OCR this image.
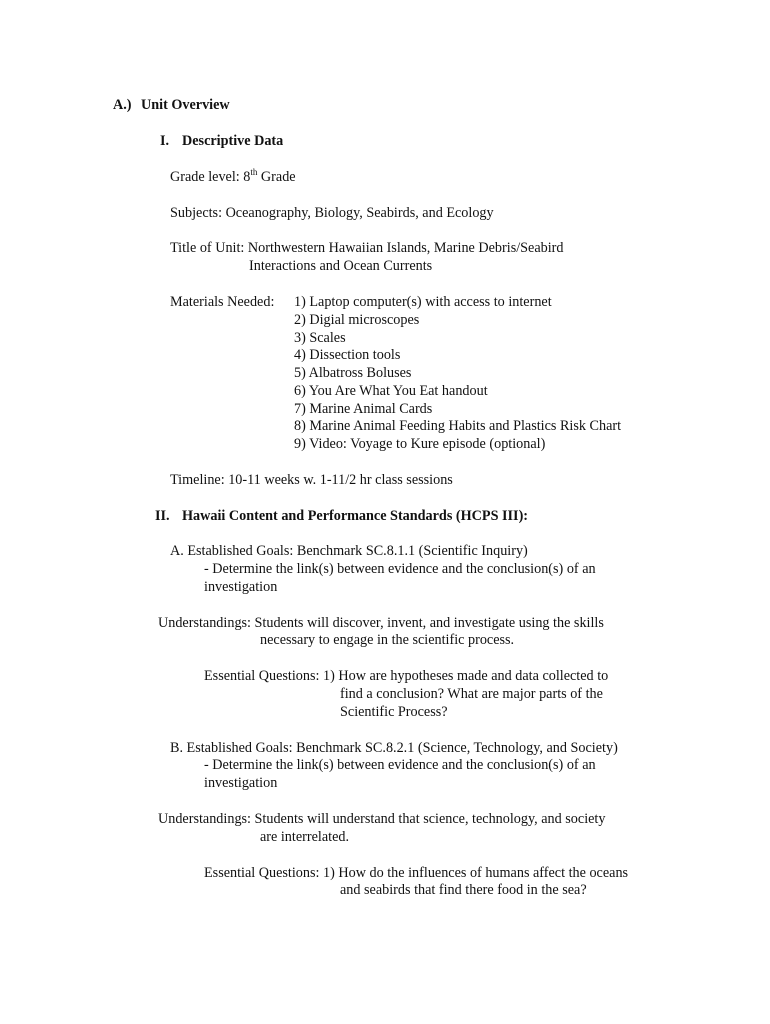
A.) Unit Overview
I. Descriptive Data
Grade level: 8th Grade
Subjects: Oceanography, Biology, Seabirds, and Ecology
Title of Unit: Northwestern Hawaiian Islands, Marine Debris/Seabird
Interactions and Ocean Currents
Materials Needed: 1) Laptop computer(s) with access to internet
2) Digial microscopes
3) Scales
4) Dissection tools
5) Albatross Boluses
6) You Are What You Eat handout
7) Marine Animal Cards
8) Marine Animal Feeding Habits and Plastics Risk Chart
9) Video: Voyage to Kure episode (optional)
Timeline: 10-11 weeks w. 1-11/2 hr class sessions
II. Hawaii Content and Performance Standards (HCPS III):
A. Established Goals: Benchmark SC.8.1.1 (Scientific Inquiry)
- Determine the link(s) between evidence and the conclusion(s) of an
investigation
Understandings: Students will discover, invent, and investigate using the skills
necessary to engage in the scientific process.
Essential Questions: 1) How are hypotheses made and data collected to
find a conclusion? What are major parts of the
Scientific Process?
B. Established Goals: Benchmark SC.8.2.1 (Science, Technology, and Society)
- Determine the link(s) between evidence and the conclusion(s) of an
investigation
Understandings: Students will understand that science, technology, and society
are interrelated.
Essential Questions: 1) How do the influences of humans affect the oceans
and seabirds that find there food in the sea?
